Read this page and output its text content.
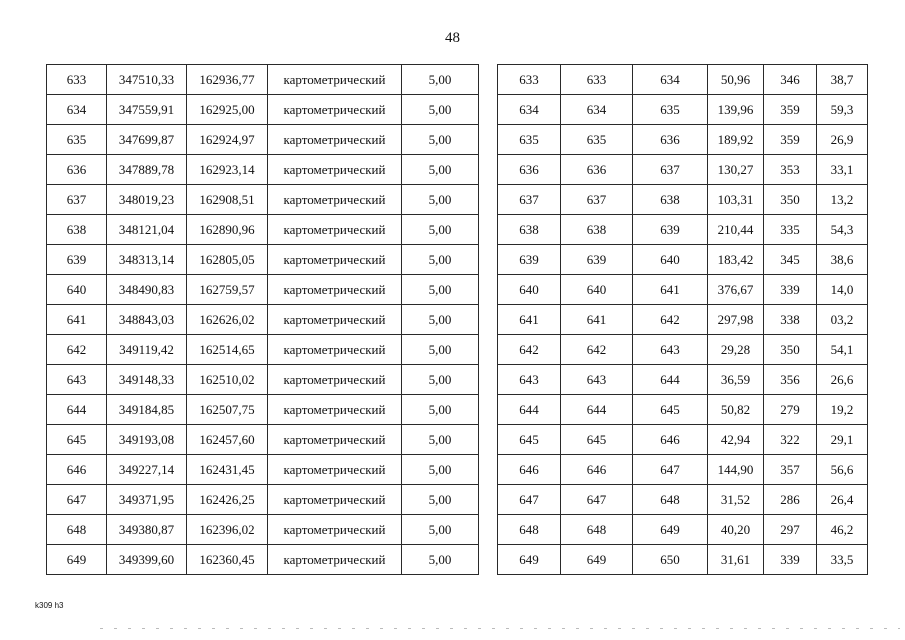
48
633	347510,33	162936,77	картометрический	5,00
634	347559,91	162925,00	картометрический	5,00
635	347699,87	162924,97	картометрический	5,00
636	347889,78	162923,14	картометрический	5,00
637	348019,23	162908,51	картометрический	5,00
638	348121,04	162890,96	картометрический	5,00
639	348313,14	162805,05	картометрический	5,00
640	348490,83	162759,57	картометрический	5,00
641	348843,03	162626,02	картометрический	5,00
642	349119,42	162514,65	картометрический	5,00
643	349148,33	162510,02	картометрический	5,00
644	349184,85	162507,75	картометрический	5,00
645	349193,08	162457,60	картометрический	5,00
646	349227,14	162431,45	картометрический	5,00
647	349371,95	162426,25	картометрический	5,00
648	349380,87	162396,02	картометрический	5,00
649	349399,60	162360,45	картометрический	5,00
633	633	634	50,96	346	38,7
634	634	635	139,96	359	59,3
635	635	636	189,92	359	26,9
636	636	637	130,27	353	33,1
637	637	638	103,31	350	13,2
638	638	639	210,44	335	54,3
639	639	640	183,42	345	38,6
640	640	641	376,67	339	14,0
641	641	642	297,98	338	03,2
642	642	643	29,28	350	54,1
643	643	644	36,59	356	26,6
644	644	645	50,82	279	19,2
645	645	646	42,94	322	29,1
646	646	647	144,90	357	56,6
647	647	648	31,52	286	26,4
648	648	649	40,20	297	46,2
649	649	650	31,61	339	33,5
k309 h3
